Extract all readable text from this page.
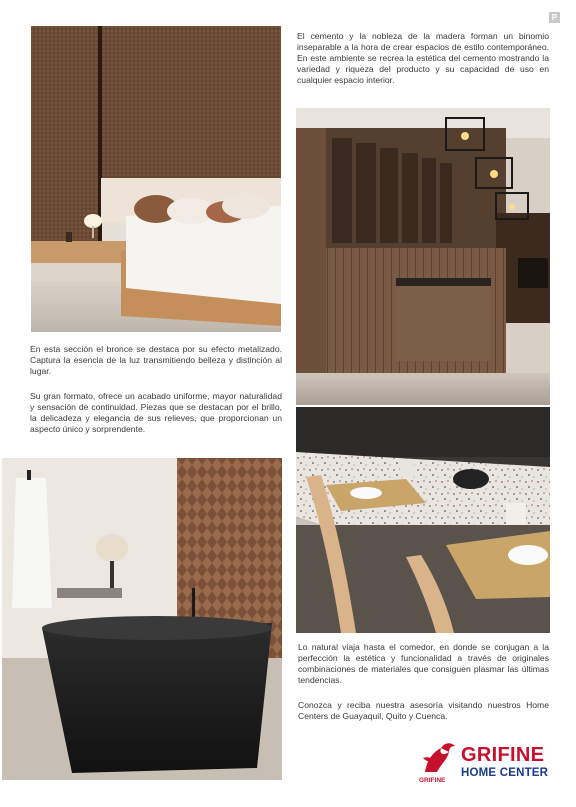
P

El cemento y la nobleza de la madera forman un binomio inseparable a la hora de crear espacios de estilo contemporáneo. En este ambiente se recrea la estética del cemento mostrando la variedad y riqueza del producto y su capacidad de uso en cualquier espacio interior.

En esta sección el bronce se destaca por su efecto metalizado. Captura la esencia de la luz transmitiendo belleza y distinción al lugar.

Su gran formato, ofrece un acabado uniforme, mayor naturalidad y sensación de continuidad. Piezas que se destacan por el brillo, la delicadeza y elegancia de sus relieves, que proporcionan un aspecto único y sorprendente.

Lo natural viaja hasta el comedor, en donde se conjugan a la perfección la estética y funcionalidad a través de originales combinaciones de materiales que consiguen plasmar las últimas tendencias.

Conozca y reciba nuestra asesoría visitando nuestros Home Centers de Guayaquil, Quito y Cuenca.

GRIFINE
HOME CENTER
GRIFINE
